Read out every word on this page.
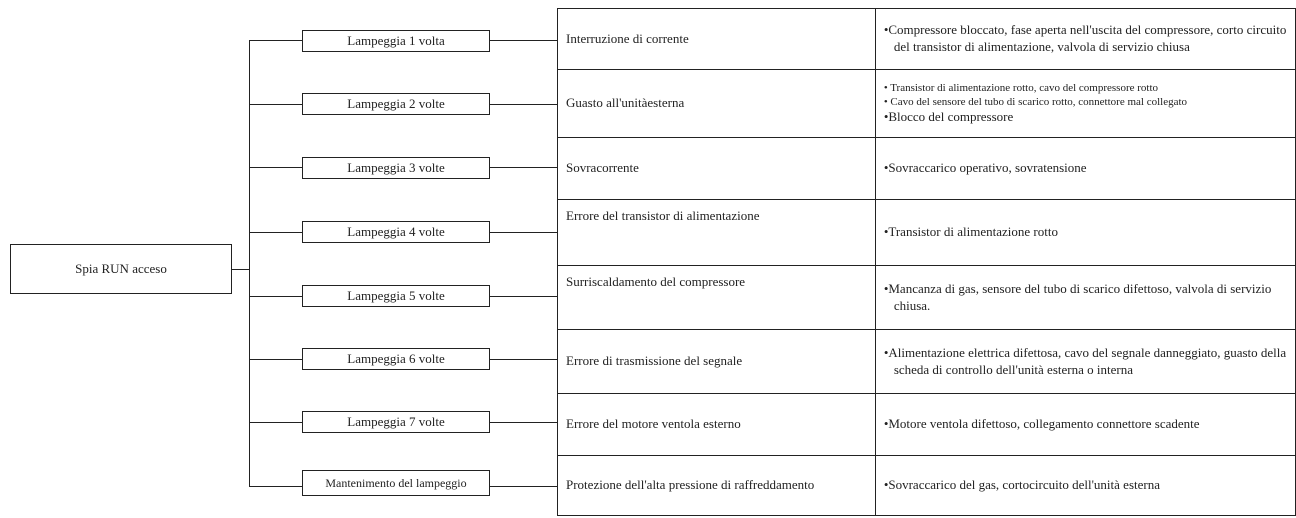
Spia RUN acceso
Lampeggia 1 volta
Lampeggia 2 volte
Lampeggia 3 volte
Lampeggia 4 volte
Lampeggia 5 volte
Lampeggia 6 volte
Lampeggia 7 volte
Mantenimento del lampeggio
Interruzione di corrente	•Compressore bloccato, fase aperta nell'uscita del compressore, corto circuito del transistor di alimentazione, valvola di servizio chiusa

Guasto all'unitàesterna	• Transistor di alimentazione rotto, cavo del compressore rotto
• Cavo del sensore del tubo di scarico rotto, connettore mal collegato
•Blocco del compressore

Sovracorrente	•Sovraccarico operativo, sovratensione

Errore del transistor di alimentazione	•Transistor di alimentazione rotto

Surriscaldamento del compressore	•Mancanza di gas, sensore del tubo di scarico difettoso, valvola di servizio chiusa.

Errore di trasmissione del segnale	•Alimentazione elettrica difettosa, cavo del segnale danneggiato, guasto della scheda di controllo dell'unità esterna o interna

Errore del motore ventola esterno	•Motore ventola difettoso, collegamento connettore scadente

Protezione dell'alta pressione di raffreddamento	•Sovraccarico del gas, cortocircuito dell'unità esterna
